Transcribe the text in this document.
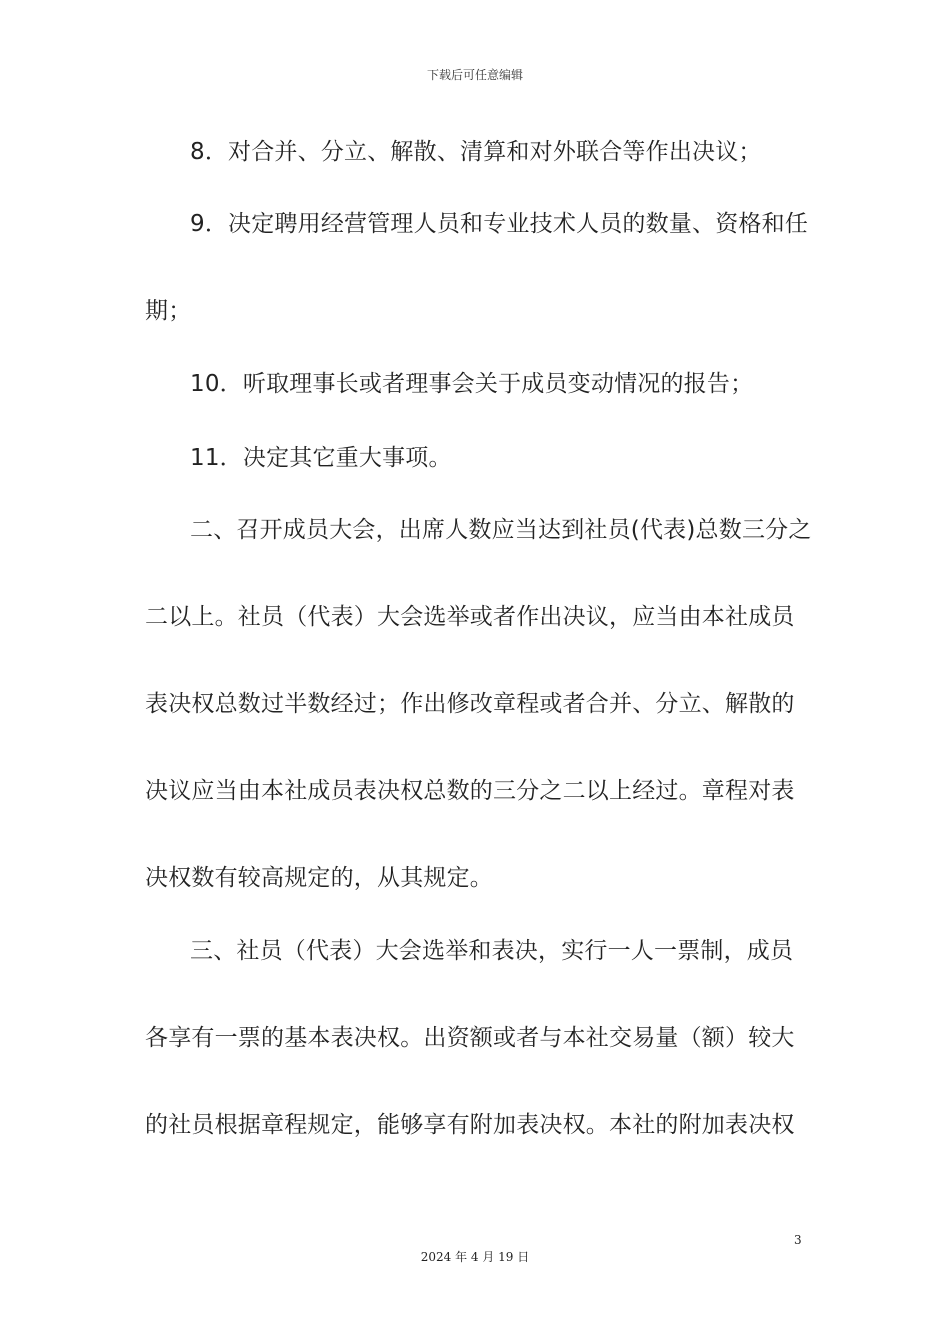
下载后可任意编辑
8．对合并、分立、解散、清算和对外联合等作出决议；
9．决定聘用经营管理人员和专业技术人员的数量、资格和任
期；
10．听取理事长或者理事会关于成员变动情况的报告；
11．决定其它重大事项。
二、召开成员大会，出席人数应当达到社员(代表)总数三分之
二以上。社员（代表）大会选举或者作出决议，应当由本社成员
表决权总数过半数经过；作出修改章程或者合并、分立、解散的
决议应当由本社成员表决权总数的三分之二以上经过。章程对表
决权数有较高规定的，从其规定。
三、社员（代表）大会选举和表决，实行一人一票制，成员
各享有一票的基本表决权。出资额或者与本社交易量（额）较大
的社员根据章程规定，能够享有附加表决权。本社的附加表决权
3
2024 年 4 月 19 日
